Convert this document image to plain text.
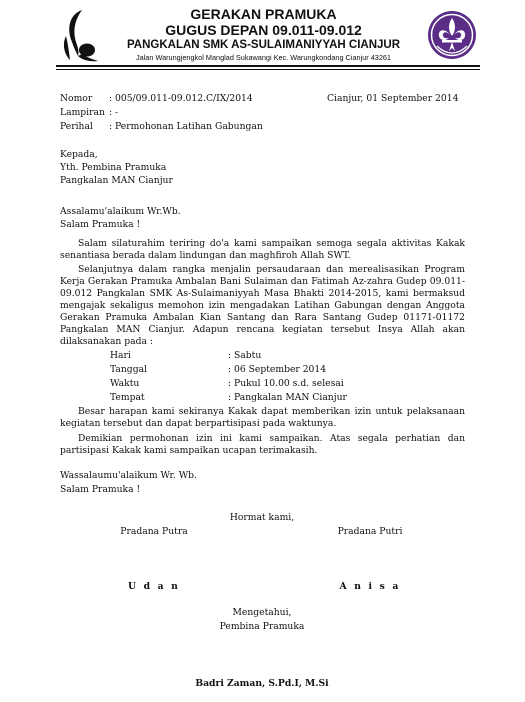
GERAKAN PRAMUKA
GUGUS DEPAN 09.011-09.012
PANGKALAN SMK AS-SULAIMANIYYAH CIANJUR
Jalan Warungjengkol Manglad Sukawangi Kec. Warungkondang Cianjur 43261
Nomor : 005/09.011-09.012.C/IX/2014	Cianjur, 01 September 2014
Lampiran : -
Perihal : Permohonan Latihan Gabungan
Kepada,
Yth. Pembina Pramuka
Pangkalan MAN Cianjur
Assalamu'alaikum Wr.Wb.
Salam Pramuka !
Salam silaturahim teriring do'a kami sampaikan semoga segala aktivitas Kakak senantiasa berada dalam lindungan dan maghfiroh Allah SWT.
Selanjutnya dalam rangka menjalin persaudaraan dan merealisasikan Program Kerja Gerakan Pramuka Ambalan Bani Sulaiman dan Fatimah Az-zahra Gudep 09.011-09.012 Pangkalan SMK As-Sulaimaniyyah Masa Bhakti 2014-2015, kami bermaksud mengajak sekaligus memohon izin mengadakan Latihan Gabungan dengan Anggota Gerakan Pramuka Ambalan Kian Santang dan Rara Santang Gudep 01171-01172 Pangkalan MAN Cianjur. Adapun rencana kegiatan tersebut Insya Allah akan dilaksanakan pada :
Hari	: Sabtu
Tanggal	: 06 September 2014
Waktu	: Pukul 10.00 s.d. selesai
Tempat	: Pangkalan MAN Cianjur
Besar harapan kami sekiranya Kakak dapat memberikan izin untuk pelaksanaan kegiatan tersebut dan dapat berpartisipasi pada waktunya.
Demikian permohonan izin ini kami sampaikan. Atas segala perhatian dan partisipasi Kakak kami sampaikan ucapan terimakasih.
Wassalaumu'alaikum Wr. Wb.
Salam Pramuka !
Hormat kami,
Pradana Putra	Pradana Putri
U d a n	A n i s a
Mengetahui,
Pembina Pramuka
Badri Zaman, S.Pd.I, M.Si
